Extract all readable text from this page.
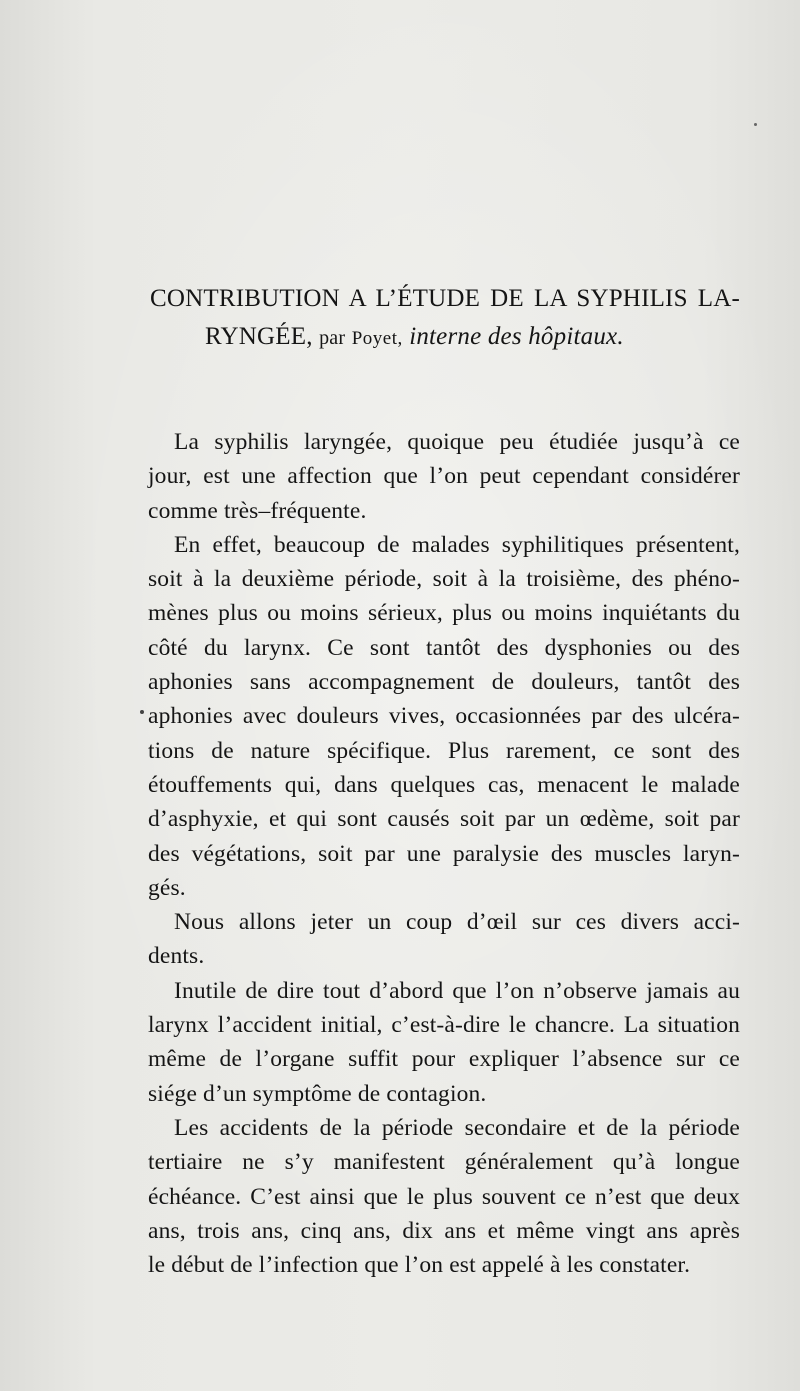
CONTRIBUTION A L’ÉTUDE DE LA SYPHILIS LA-
RYNGÉE, par Poyet, interne des hôpitaux.
La syphilis laryngée, quoique peu étudiée jusqu’à ce
jour, est une affection que l’on peut cependant considérer
comme très–fréquente.
En effet, beaucoup de malades syphilitiques présentent,
soit à la deuxième période, soit à la troisième, des phéno-
mènes plus ou moins sérieux, plus ou moins inquiétants du
côté du larynx. Ce sont tantôt des dysphonies ou des
aphonies sans accompagnement de douleurs, tantôt des
aphonies avec douleurs vives, occasionnées par des ulcéra-
tions de nature spécifique. Plus rarement, ce sont des
étouffements qui, dans quelques cas, menacent le malade
d’asphyxie, et qui sont causés soit par un œdème, soit par
des végétations, soit par une paralysie des muscles laryn-
gés.
Nous allons jeter un coup d’œil sur ces divers acci-
dents.
Inutile de dire tout d’abord que l’on n’observe jamais au
larynx l’accident initial, c’est-à-dire le chancre. La situation
même de l’organe suffit pour expliquer l’absence sur ce
siége d’un symptôme de contagion.
Les accidents de la période secondaire et de la période
tertiaire ne s’y manifestent généralement qu’à longue
échéance. C’est ainsi que le plus souvent ce n’est que deux
ans, trois ans, cinq ans, dix ans et même vingt ans après
le début de l’infection que l’on est appelé à les constater.
